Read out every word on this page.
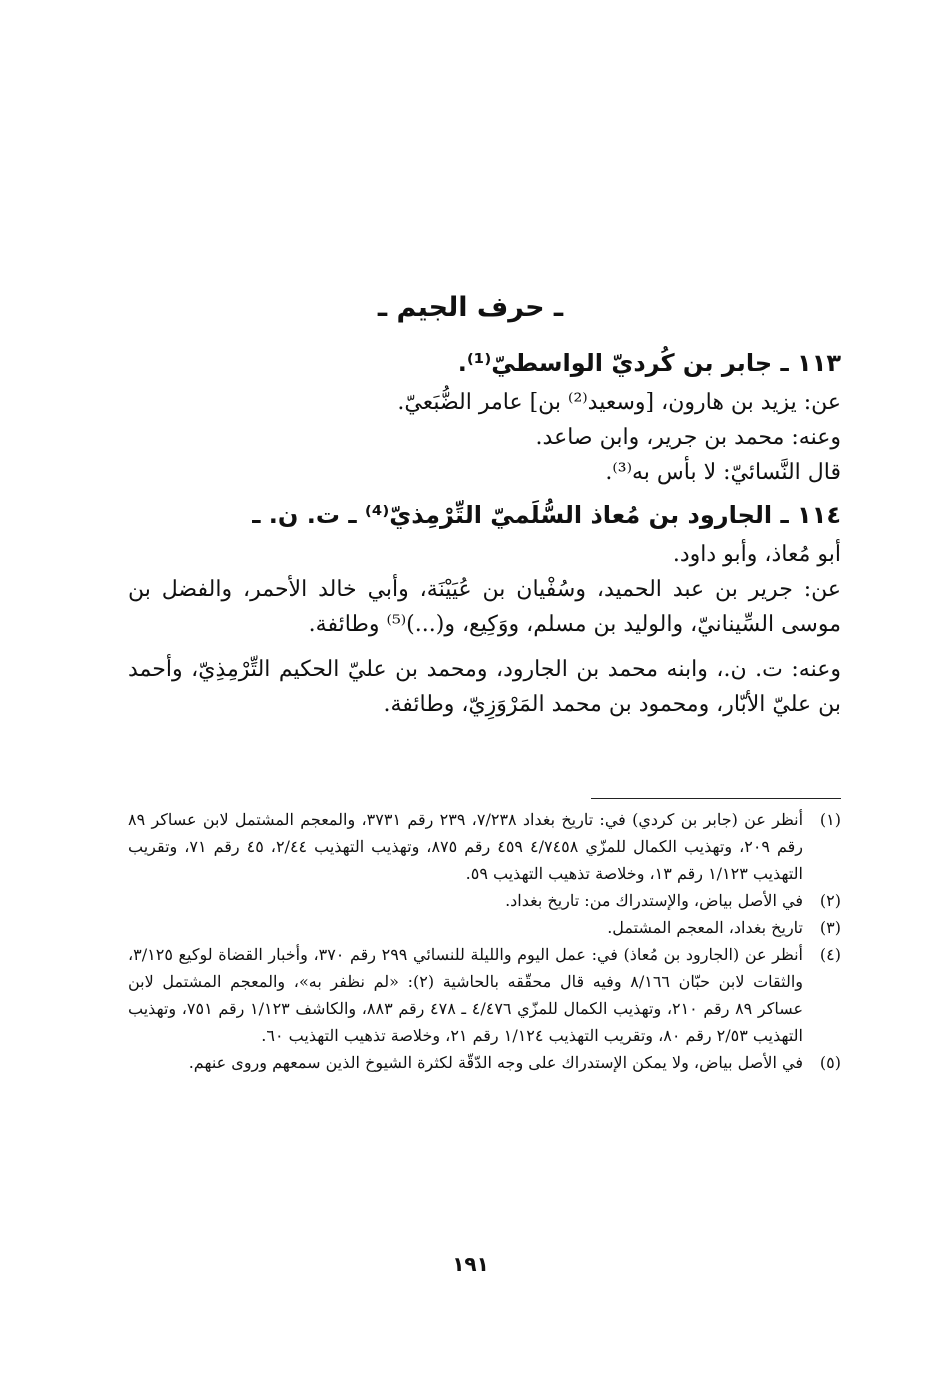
ـ حرف الجيم ـ
١١٣ ـ جابر بن كُرديّ الواسطيّ⁽¹⁾.
عن: يزيد بن هارون، [وسعيد⁽²⁾ بن] عامر الضُّبَعيّ.
وعنه: محمد بن جرير، وابن صاعد.
قال النَّسائيّ: لا بأس به⁽³⁾.
١١٤ ـ الجارود بن مُعاذ السُّلَميّ التِّرْمِذيّ⁽⁴⁾ ـ ت. ن. ـ
أبو مُعاذ، وأبو داود.
عن: جرير بن عبد الحميد، وسُفْيان بن عُيَيْنَة، وأبي خالد الأحمر، والفضل بن موسى السِّينانيّ، والوليد بن مسلم، ووَكِيع، و(...)⁽⁵⁾ وطائفة.
وعنه: ت. ن.، وابنه محمد بن الجارود، ومحمد بن عليّ الحكيم التِّرْمِذِيّ، وأحمد بن عليّ الأبّار، ومحمود بن محمد المَرْوَزِيّ، وطائفة.
(١)
أنظر عن (جابر بن كردي) في: تاريخ بغداد ٧/٢٣٨، ٢٣٩ رقم ٣٧٣١، والمعجم المشتمل لابن عساكر ٨٩ رقم ٢٠٩، وتهذيب الكمال للمزّي ٤/٧٤٥٨ ٤٥٩ رقم ٨٧٥، وتهذيب التهذيب ٢/٤٤، ٤٥ رقم ٧١، وتقريب التهذيب ١/١٢٣ رقم ١٣، وخلاصة تذهيب التهذيب ٥٩.
(٢)
في الأصل بياض، والإستدراك من: تاريخ بغداد.
(٣)
تاريخ بغداد، المعجم المشتمل.
(٤)
أنظر عن (الجارود بن مُعاذ) في: عمل اليوم والليلة للنسائي ٢٩٩ رقم ٣٧٠، وأخبار القضاة لوكيع ٣/١٢٥، والثقات لابن حبّان ٨/١٦٦ وفيه قال محقّقه بالحاشية (٢): «لم نظفر به»، والمعجم المشتمل لابن عساكر ٨٩ رقم ٢١٠، وتهذيب الكمال للمزّي ٤/٤٧٦ ـ ٤٧٨ رقم ٨٨٣، والكاشف ١/١٢٣ رقم ٧٥١، وتهذيب التهذيب ٢/٥٣ رقم ٨٠، وتقريب التهذيب ١/١٢٤ رقم ٢١، وخلاصة تذهيب التهذيب ٦٠.
(٥)
في الأصل بياض، ولا يمكن الإستدراك على وجه الدّقّة لكثرة الشيوخ الذين سمعهم وروى عنهم.
١٩١
